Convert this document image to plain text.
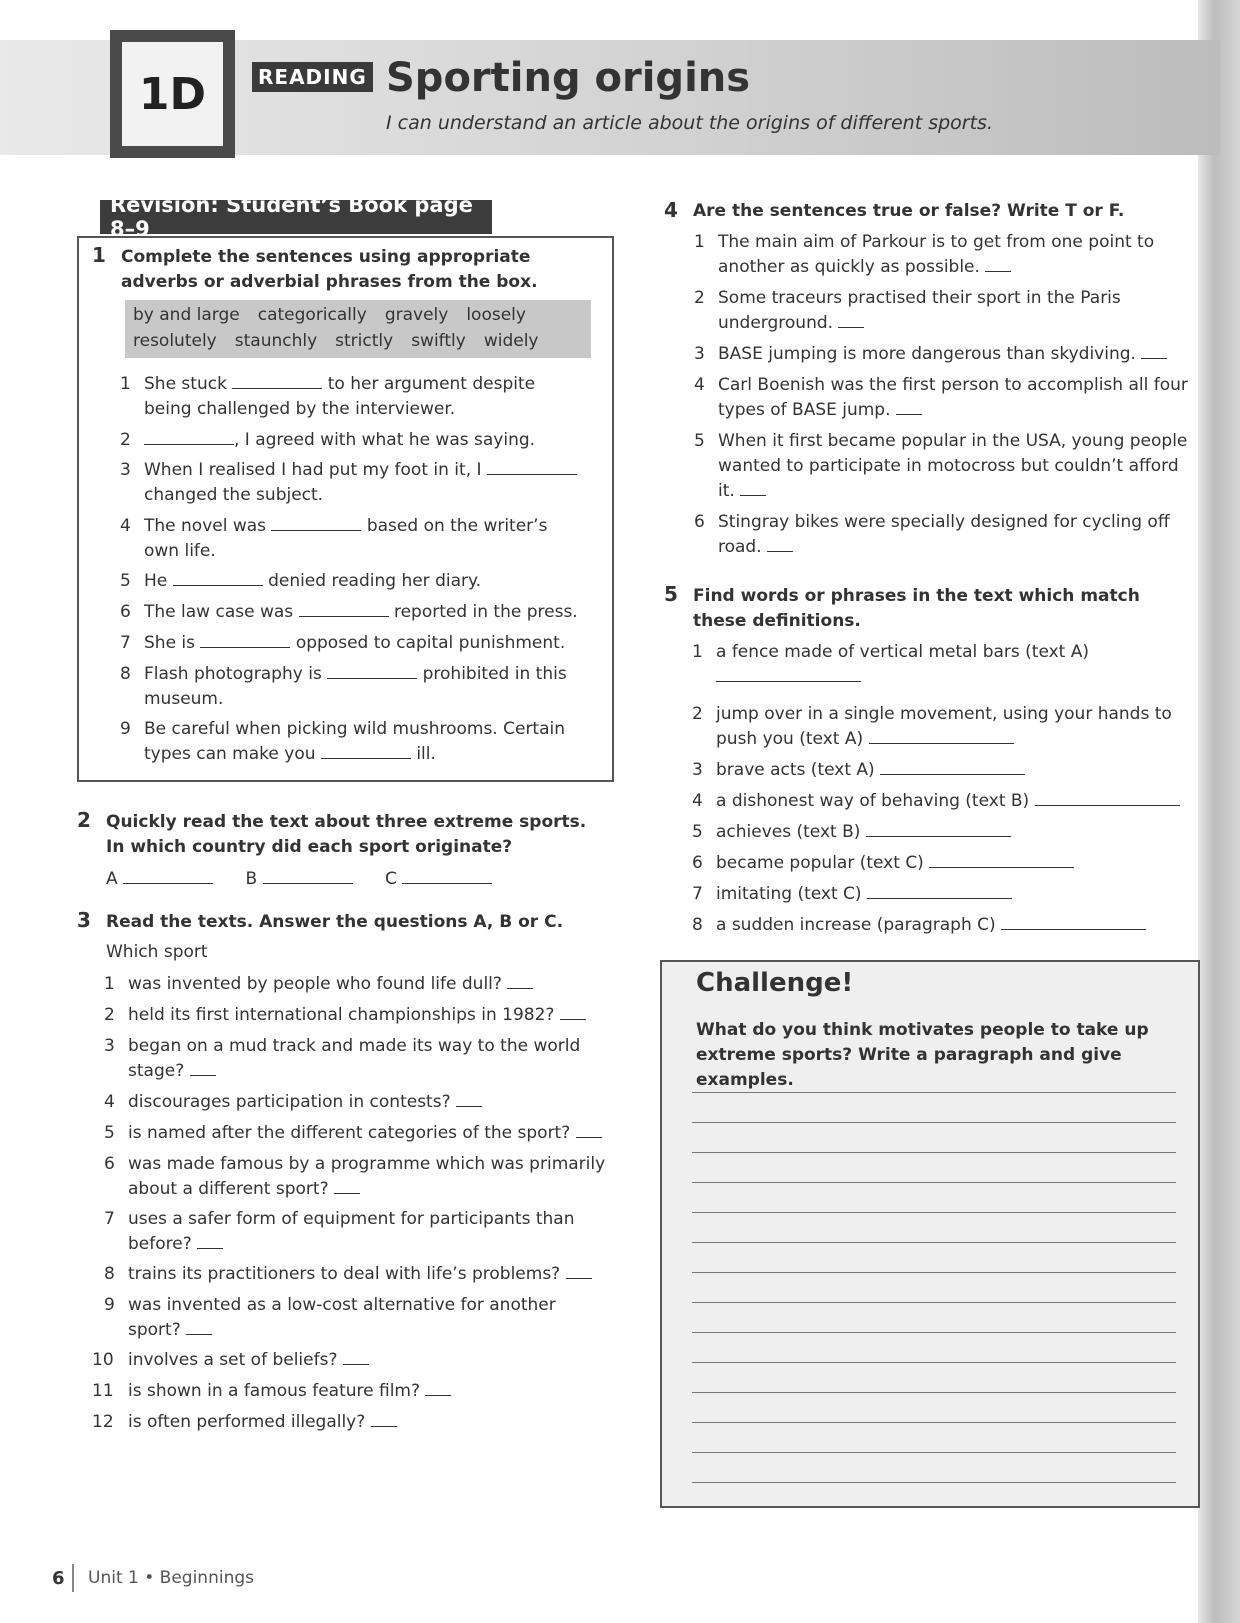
1D	READING Sporting origins
I can understand an article about the origins of different sports.
Revision: Student’s Book page 8–9
1 Complete the sentences using appropriate adverbs or adverbial phrases from the box.
by and large categorically gravely loosely
resolutely staunchly strictly swiftly widely
1 She stuck	to her argument despite being challenged by the interviewer.
2	, I agreed with what he was saying.
3 When I realised I had put my foot in it, I  changed the subject.
4 The novel was	based on the writer’s own life.
5 He	denied reading her diary.
6 The law case was	reported in the press.
7 She is	opposed to capital punishment.
8 Flash photography is	prohibited in this museum.
9 Be careful when picking wild mushrooms. Certain types can make you	ill.
2 Quickly read the text about three extreme sports. In which country did each sport originate?
A	B	C
3 Read the texts. Answer the questions A, B or C.
Which sport
1 was invented by people who found life dull?
2 held its first international championships in 1982?
3 began on a mud track and made its way to the world stage?
4 discourages participation in contests?
5 is named after the different categories of the sport?
6 was made famous by a programme which was primarily about a different sport?
7 uses a safer form of equipment for participants than before?
8 trains its practitioners to deal with life’s problems?
9 was invented as a low-cost alternative for another sport?
10 involves a set of beliefs?
11 is shown in a famous feature film?
12 is often performed illegally?
4 Are the sentences true or false? Write T or F.
1 The main aim of Parkour is to get from one point to another as quickly as possible.
2 Some traceurs practised their sport in the Paris underground.
3 BASE jumping is more dangerous than skydiving.
4 Carl Boenish was the first person to accomplish all four types of BASE jump.
5 When it first became popular in the USA, young people wanted to participate in motocross but couldn’t afford it.
6 Stingray bikes were specially designed for cycling off road.
5 Find words or phrases in the text which match these definitions.
1 a fence made of vertical metal bars (text A)

2 jump over in a single movement, using your hands to push you (text A)
3 brave acts (text A)
4 a dishonest way of behaving (text B)
5 achieves (text B)
6 became popular (text C)
7 imitating (text C)
8 a sudden increase (paragraph C)
Challenge!
What do you think motivates people to take up extreme sports? Write a paragraph and give examples.
6 Unit 1 • Beginnings
